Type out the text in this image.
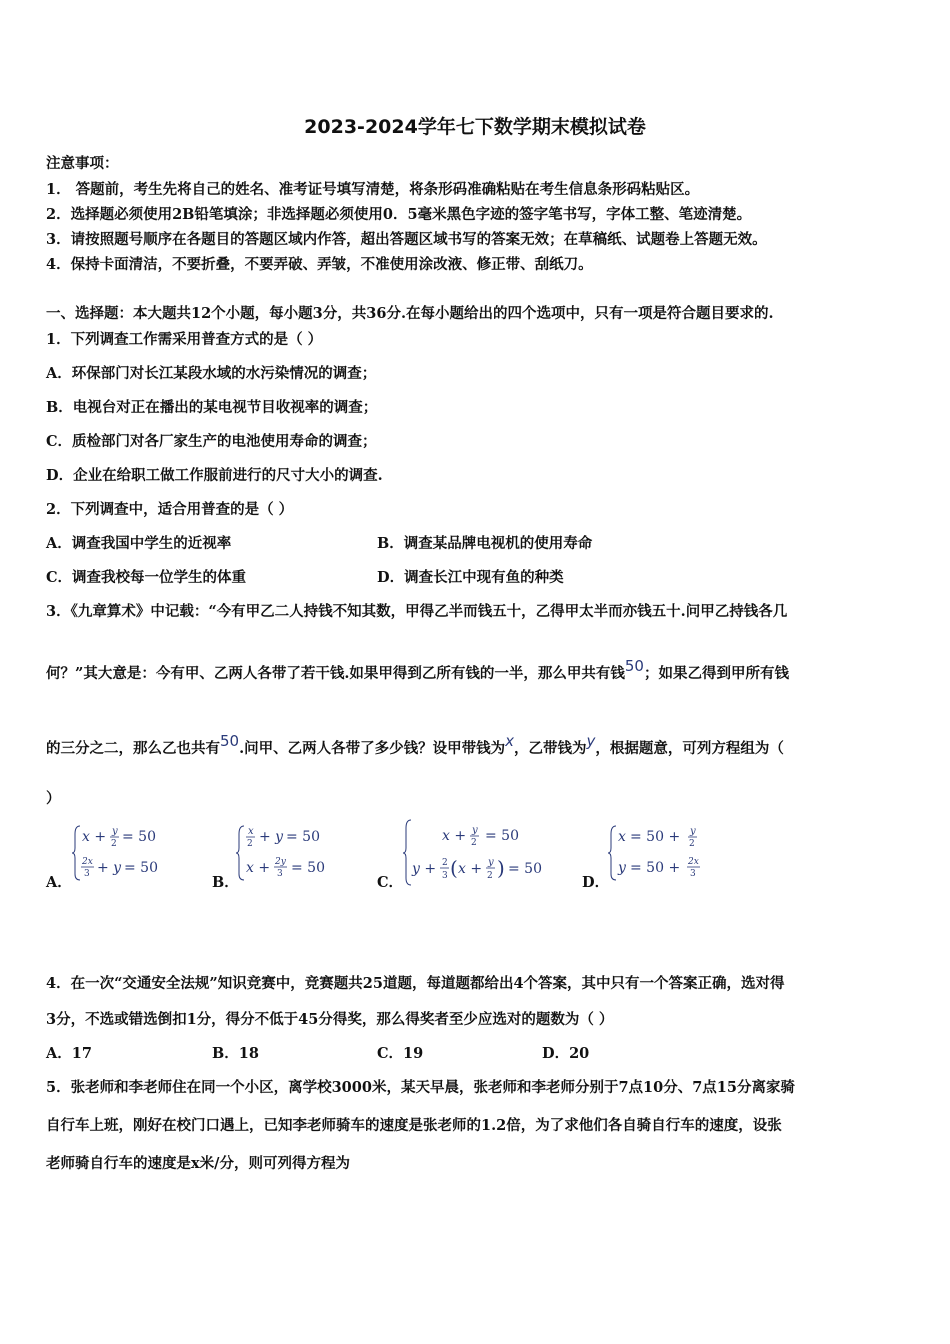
2023-2024学年七下数学期末模拟试卷
注意事项：
1． 答题前，考生先将自己的姓名、准考证号填写清楚，将条形码准确粘贴在考生信息条形码粘贴区。
2．选择题必须使用2B铅笔填涂；非选择题必须使用0．5毫米黑色字迹的签字笔书写，字体工整、笔迹清楚。
3．请按照题号顺序在各题目的答题区域内作答，超出答题区域书写的答案无效；在草稿纸、试题卷上答题无效。
4．保持卡面清洁，不要折叠，不要弄破、弄皱，不准使用涂改液、修正带、刮纸刀。
一、选择题：本大题共12个小题，每小题3分，共36分.在每小题给出的四个选项中，只有一项是符合题目要求的.
1．下列调查工作需采用普查方式的是（ ）
A．环保部门对长江某段水域的水污染情况的调查；
B．电视台对正在播出的某电视节目收视率的调查；
C．质检部门对各厂家生产的电池使用寿命的调查；
D．企业在给职工做工作服前进行的尺寸大小的调查.
2．下列调查中，适合用普查的是（ ）
A．调查我国中学生的近视率	B．调查某品牌电视机的使用寿命
C．调查我校每一位学生的体重	D．调查长江中现有鱼的种类
3．《九章算术》中记载：“今有甲乙二人持钱不知其数，甲得乙半而钱五十，乙得甲太半而亦钱五十.问甲乙持钱各几
何？”其大意是：今有甲、乙两人各带了若干钱.如果甲得到乙所有钱的一半，那么甲共有钱50；如果乙得到甲所有钱
的三分之二，那么乙也共有50.问甲、乙两人各带了多少钱？设甲带钱为x，乙带钱为y，根据题意，可列方程组为（
）
A．
x + y
2 = 50
2x
3 + y = 50
B．
x
2 + y = 50
x + 2y
3 = 50
C．
x + y
2 = 50
y + 2
3 ( x + y
2 ) = 50
D．
x = 50 + y
2
y = 50 + 2x
3
4．在一次“交通安全法规”知识竞赛中，竞赛题共25道题，每道题都给出4个答案，其中只有一个答案正确，选对得
3分，不选或错选倒扣1分，得分不低于45分得奖，那么得奖者至少应选对的题数为（ ）
A．17	B．18	C．19	D．20
5．张老师和李老师住在同一个小区，离学校3000米，某天早晨，张老师和李老师分别于7点10分、7点15分离家骑
自行车上班，刚好在校门口遇上，已知李老师骑车的速度是张老师的1.2倍，为了求他们各自骑自行车的速度，设张
老师骑自行车的速度是x米/分，则可列得方程为
